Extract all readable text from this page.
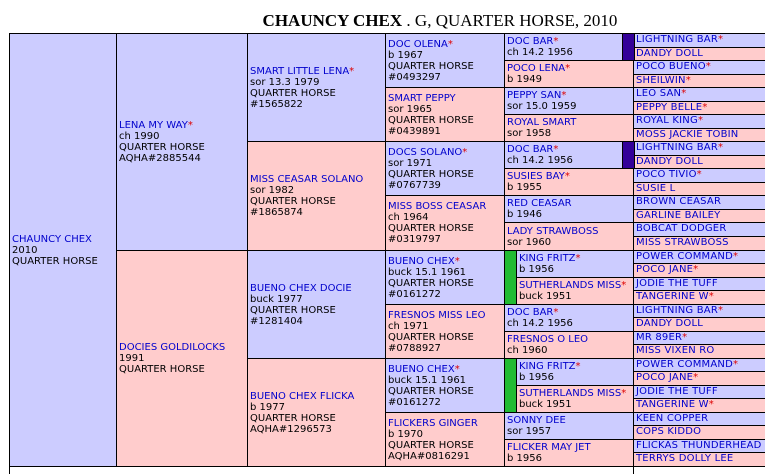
CHAUNCY CHEX . G, QUARTER HORSE, 2010
CHAUNCY CHEX
2010
QUARTER HORSE
LENA MY WAY*
ch 1990
QUARTER HORSE
AQHA#2885544
DOCIES GOLDILOCKS
1991
QUARTER HORSE
SMART LITTLE LENA*
sor 13.3 1979
QUARTER HORSE
#1565822
MISS CEASAR SOLANO
sor 1982
QUARTER HORSE
#1865874
BUENO CHEX DOCIE
buck 1977
QUARTER HORSE
#1281404
BUENO CHEX FLICKA
b 1977
QUARTER HORSE
AQHA#1296573
DOC OLENA*
b 1967
QUARTER HORSE
#0493297
SMART PEPPY
sor 1965
QUARTER HORSE
#0439891
DOCS SOLANO*
sor 1971
QUARTER HORSE
#0767739
MISS BOSS CEASAR
ch 1964
QUARTER HORSE
#0319797
BUENO CHEX*
buck 15.1 1961
QUARTER HORSE
#0161272
FRESNOS MISS LEO
ch 1971
QUARTER HORSE
#0788927
BUENO CHEX*
buck 15.1 1961
QUARTER HORSE
#0161272
FLICKERS GINGER
b 1970
QUARTER HORSE
AQHA#0816291
DOC BAR*
ch 14.2 1956
POCO LENA*
b 1949
PEPPY SAN*
sor 15.0 1959
ROYAL SMART
sor 1958
DOC BAR*
ch 14.2 1956
SUSIES BAY*
b 1955
RED CEASAR
b 1946
LADY STRAWBOSS
sor 1960
KING FRITZ*
b 1956
SUTHERLANDS MISS*
buck 1951
DOC BAR*
ch 14.2 1956
FRESNOS O LEO
ch 1960
KING FRITZ*
b 1956
SUTHERLANDS MISS*
buck 1951
SONNY DEE
sor 1957
FLICKER MAY JET
b 1956
LIGHTNING BAR*
DANDY DOLL
POCO BUENO*
SHEILWIN*
LEO SAN*
PEPPY BELLE*
ROYAL KING*
MOSS JACKIE TOBIN
LIGHTNING BAR*
DANDY DOLL
POCO TIVIO*
SUSIE L
BROWN CEASAR
GARLINE BAILEY
BOBCAT DODGER
MISS STRAWBOSS
POWER COMMAND*
POCO JANE*
JODIE THE TUFF
TANGERINE W*
LIGHTNING BAR*
DANDY DOLL
MR 89ER*
MISS VIXEN RO
POWER COMMAND*
POCO JANE*
JODIE THE TUFF
TANGERINE W*
KEEN COPPER
COPS KIDDO
FLICKAS THUNDERHEAD
TERRYS DOLLY LEE
